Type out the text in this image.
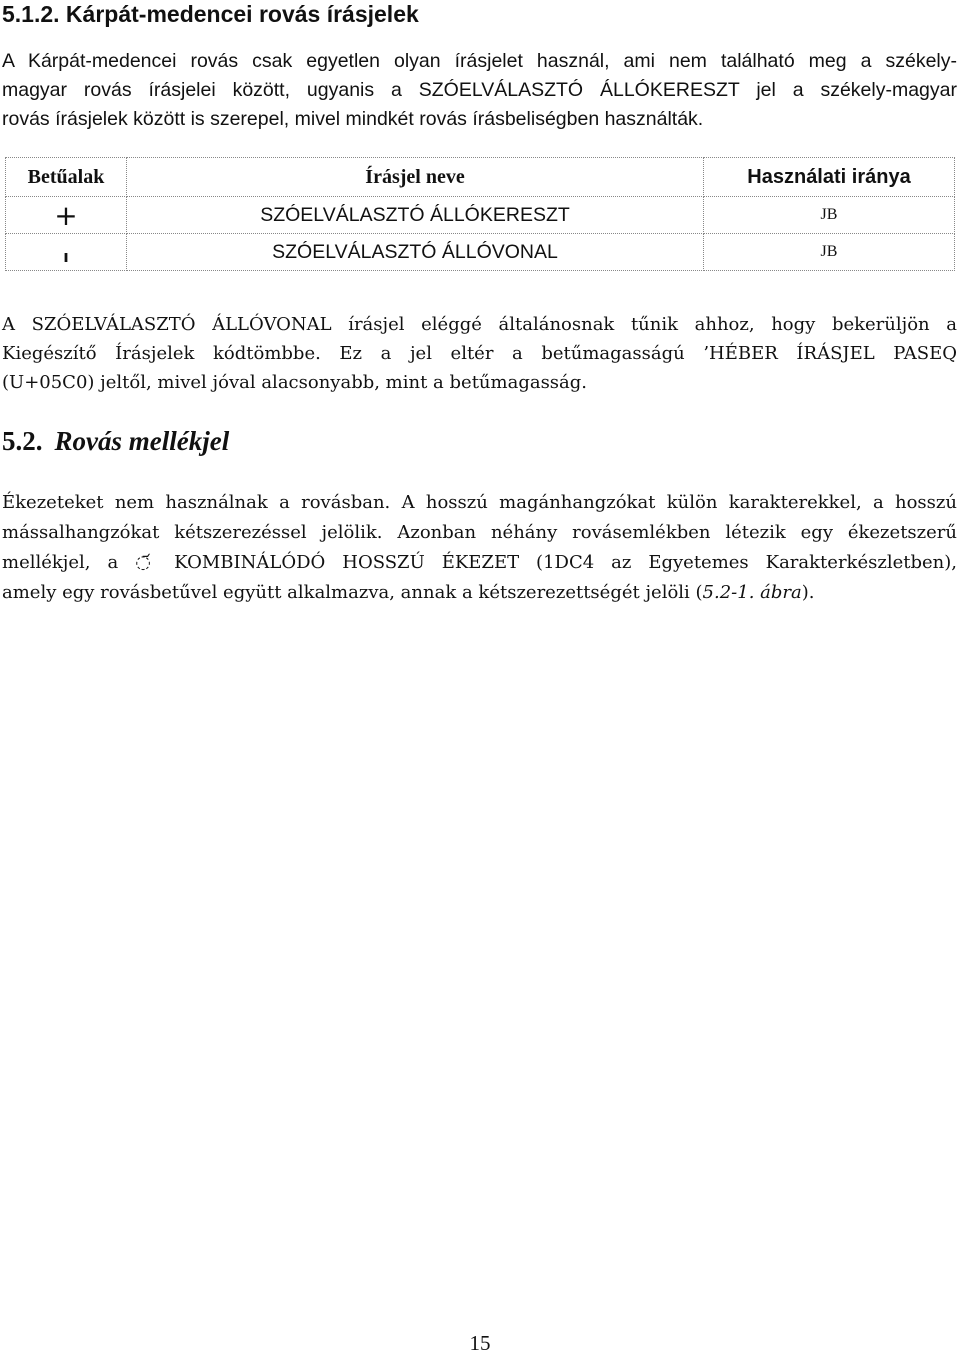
5.1.2. Kárpát-medencei rovás írásjelek

A Kárpát-medencei rovás csak egyetlen olyan írásjelet használ, ami nem található meg a székely-
magyar rovás írásjelei között, ugyanis a SZÓELVÁLASZTÓ ÁLLÓKERESZT jel a székely-magyar
rovás írásjelek között is szerepel, mivel mindkét rovás írásbeliségben használták.

Betűalak	Írásjel neve	Használati iránya
+	SZÓELVÁLASZTÓ ÁLLÓKERESZT	JB
ı	SZÓELVÁLASZTÓ ÁLLÓVONAL	JB

A SZÓELVÁLASZTÓ ÁLLÓVONAL írásjel eléggé általánosnak tűnik ahhoz, hogy bekerüljön a
Kiegészítő Írásjelek kódtömbbe. Ez a jel eltér a betűmagasságú ’HÉBER ÍRÁSJEL PASEQ
(U+05C0) jeltől, mivel jóval alacsonyabb, mint a betűmagasság.

5.2. Rovás mellékjel

Ékezeteket nem használnak a rovásban. A hosszú magánhangzókat külön karakterekkel, a hosszú
mássalhangzókat kétszerezéssel jelölik. Azonban néhány rovásemlékben létezik egy ékezetszerű
mellékjel, a ◌᷄ KOMBINÁLÓDÓ HOSSZÚ ÉKEZET (1DC4 az Egyetemes Karakterkészletben),
amely egy rovásbetűvel együtt alkalmazva, annak a kétszerezettségét jelöli (5.2-1. ábra).

15
